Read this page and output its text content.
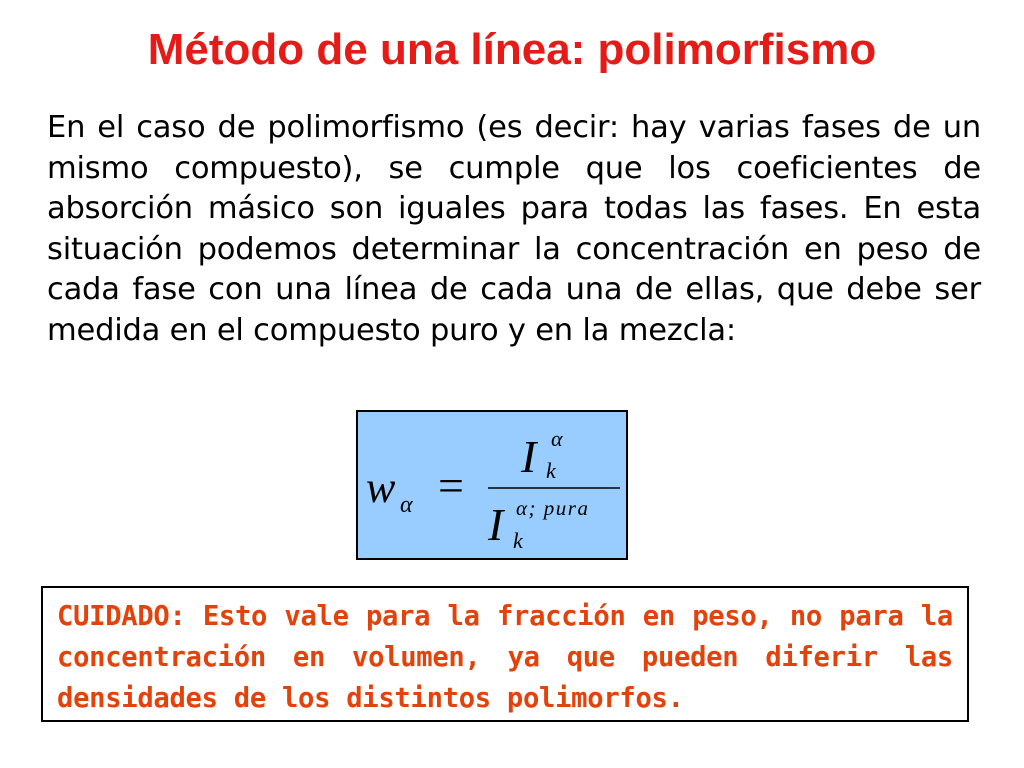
Método de una línea: polimorfismo

En el caso de polimorfismo (es decir: hay varias fases de un mismo compuesto), se cumple que los coeficientes de absorción másico son iguales para todas las fases. En esta situación podemos determinar la concentración en peso de cada fase con una línea de cada una de ellas, que debe ser medida en el compuesto puro y en la mezcla:

w α =
I α
k
I α; pura
k

CUIDADO: Esto vale para la fracción en peso, no para la concentración en volumen, ya que pueden diferir las densidades de los distintos polimorfos.
